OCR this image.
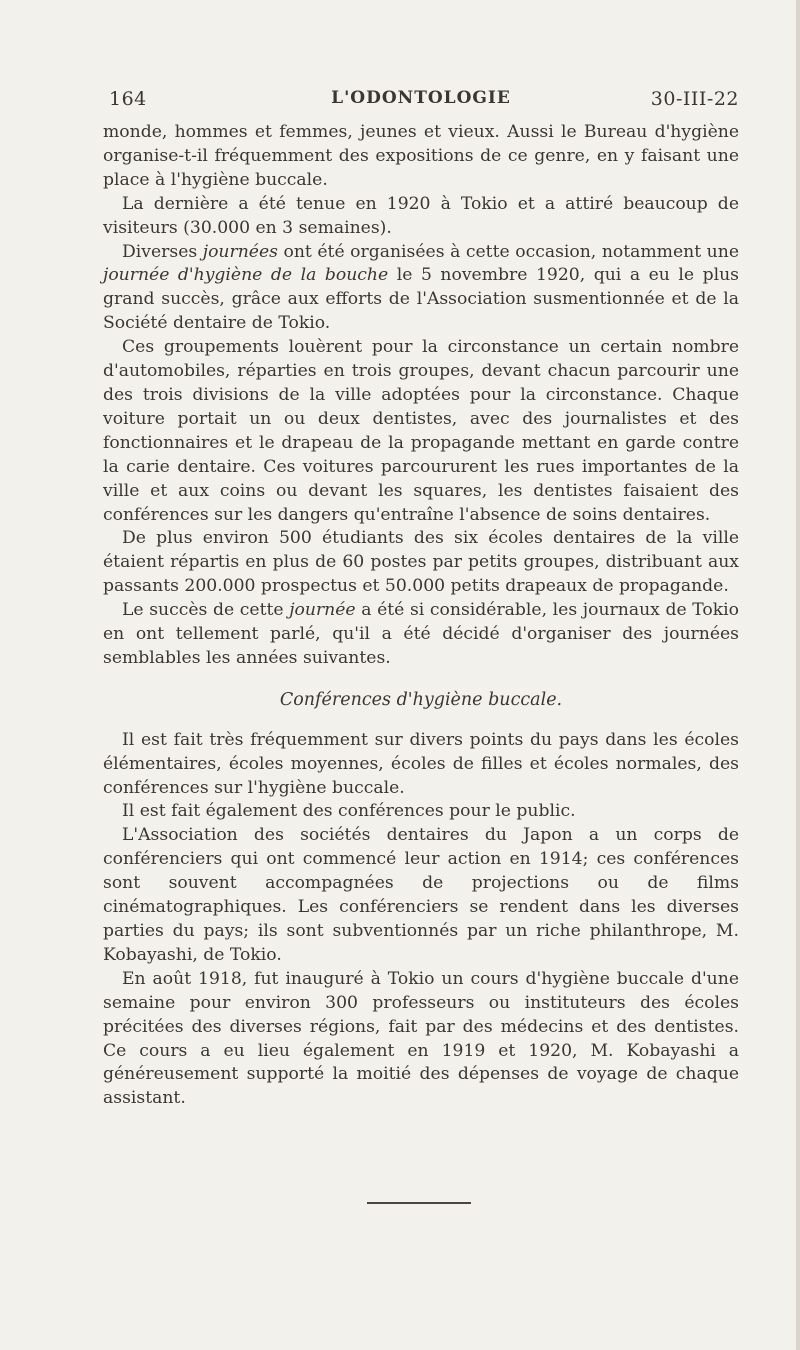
164	L'ODONTOLOGIE	30-III-22

monde, hommes et femmes, jeunes et vieux. Aussi le Bureau d'hygiène organise-t-il fréquemment des expositions de ce genre, en y faisant une place à l'hygiène buccale.

La dernière a été tenue en 1920 à Tokio et a attiré beaucoup de visiteurs (30.000 en 3 semaines).

Diverses journées ont été organisées à cette occasion, notamment une journée d'hygiène de la bouche le 5 novembre 1920, qui a eu le plus grand succès, grâce aux efforts de l'Association susmentionnée et de la Société dentaire de Tokio.

Ces groupements louèrent pour la circonstance un certain nombre d'automobiles, réparties en trois groupes, devant chacun parcourir une des trois divisions de la ville adoptées pour la circonstance. Chaque voiture portait un ou deux dentistes, avec des journalistes et des fonctionnaires et le drapeau de la propagande mettant en garde contre la carie dentaire. Ces voitures parcoururent les rues importantes de la ville et aux coins ou devant les squares, les dentistes faisaient des conférences sur les dangers qu'entraîne l'absence de soins dentaires.

De plus environ 500 étudiants des six écoles dentaires de la ville étaient répartis en plus de 60 postes par petits groupes, distribuant aux passants 200.000 prospectus et 50.000 petits drapeaux de propagande.

Le succès de cette journée a été si considérable, les journaux de Tokio en ont tellement parlé, qu'il a été décidé d'organiser des journées semblables les années suivantes.

Conférences d'hygiène buccale.

Il est fait très fréquemment sur divers points du pays dans les écoles élémentaires, écoles moyennes, écoles de filles et écoles normales, des conférences sur l'hygiène buccale.

Il est fait également des conférences pour le public.

L'Association des sociétés dentaires du Japon a un corps de conférenciers qui ont commencé leur action en 1914; ces conférences sont souvent accompagnées de projections ou de films cinématographiques. Les conférenciers se rendent dans les diverses parties du pays; ils sont subventionnés par un riche philanthrope, M. Kobayashi, de Tokio.

En août 1918, fut inauguré à Tokio un cours d'hygiène buccale d'une semaine pour environ 300 professeurs ou instituteurs des écoles précitées des diverses régions, fait par des médecins et des dentistes. Ce cours a eu lieu également en 1919 et 1920, M. Kobayashi a généreusement supporté la moitié des dépenses de voyage de chaque assistant.
